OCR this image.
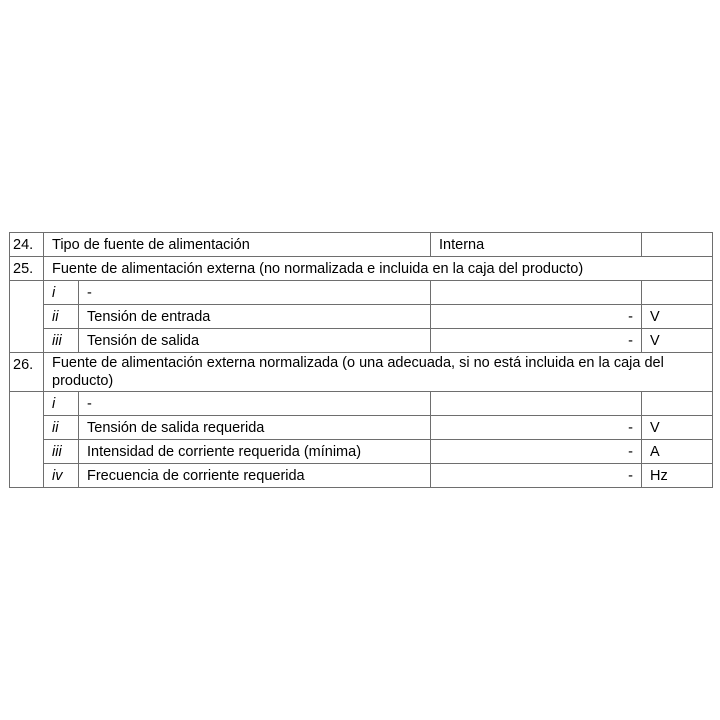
24.	Tipo de fuente de alimentación		Interna	
25.	Fuente de alimentación externa (no normalizada e incluida en la caja del producto)			
	i	-		
	ii	Tensión de entrada	-	V
	iii	Tensión de salida	-	V
26.	Fuente de alimentación externa normalizada (o una adecuada, si no está incluida en la caja del producto)			
	i	-		
	ii	Tensión de salida requerida	-	V
	iii	Intensidad de corriente requerida (mínima)	-	A
	iv	Frecuencia de corriente requerida	-	Hz
